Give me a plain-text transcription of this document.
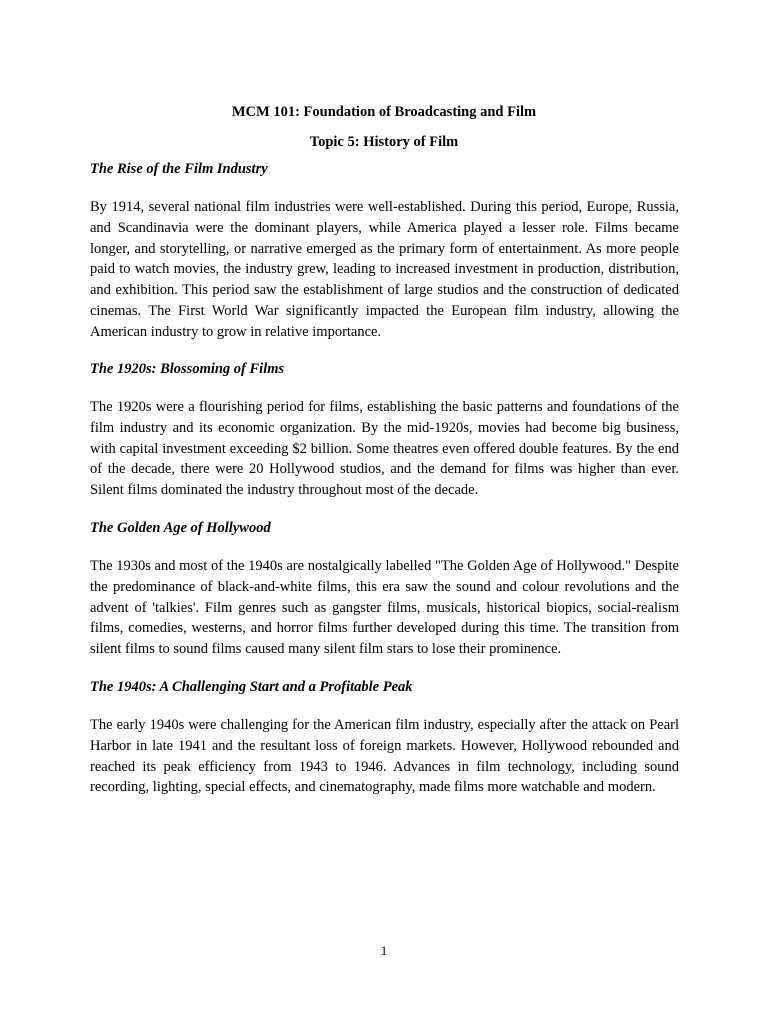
MCM 101: Foundation of Broadcasting and Film
Topic 5: History of Film
The Rise of the Film Industry

By 1914, several national film industries were well-established. During this period, Europe, Russia, and Scandinavia were the dominant players, while America played a lesser role. Films became longer, and storytelling, or narrative emerged as the primary form of entertainment. As more people paid to watch movies, the industry grew, leading to increased investment in production, distribution, and exhibition. This period saw the establishment of large studios and the construction of dedicated cinemas. The First World War significantly impacted the European film industry, allowing the American industry to grow in relative importance.

The 1920s: Blossoming of Films

The 1920s were a flourishing period for films, establishing the basic patterns and foundations of the film industry and its economic organization. By the mid-1920s, movies had become big business, with capital investment exceeding $2 billion. Some theatres even offered double features. By the end of the decade, there were 20 Hollywood studios, and the demand for films was higher than ever. Silent films dominated the industry throughout most of the decade.

The Golden Age of Hollywood

The 1930s and most of the 1940s are nostalgically labelled "The Golden Age of Hollywood." Despite the predominance of black-and-white films, this era saw the sound and colour revolutions and the advent of 'talkies'. Film genres such as gangster films, musicals, historical biopics, social-realism films, comedies, westerns, and horror films further developed during this time. The transition from silent films to sound films caused many silent film stars to lose their prominence.

The 1940s: A Challenging Start and a Profitable Peak

The early 1940s were challenging for the American film industry, especially after the attack on Pearl Harbor in late 1941 and the resultant loss of foreign markets. However, Hollywood rebounded and reached its peak efficiency from 1943 to 1946. Advances in film technology, including sound recording, lighting, special effects, and cinematography, made films more watchable and modern.

1
